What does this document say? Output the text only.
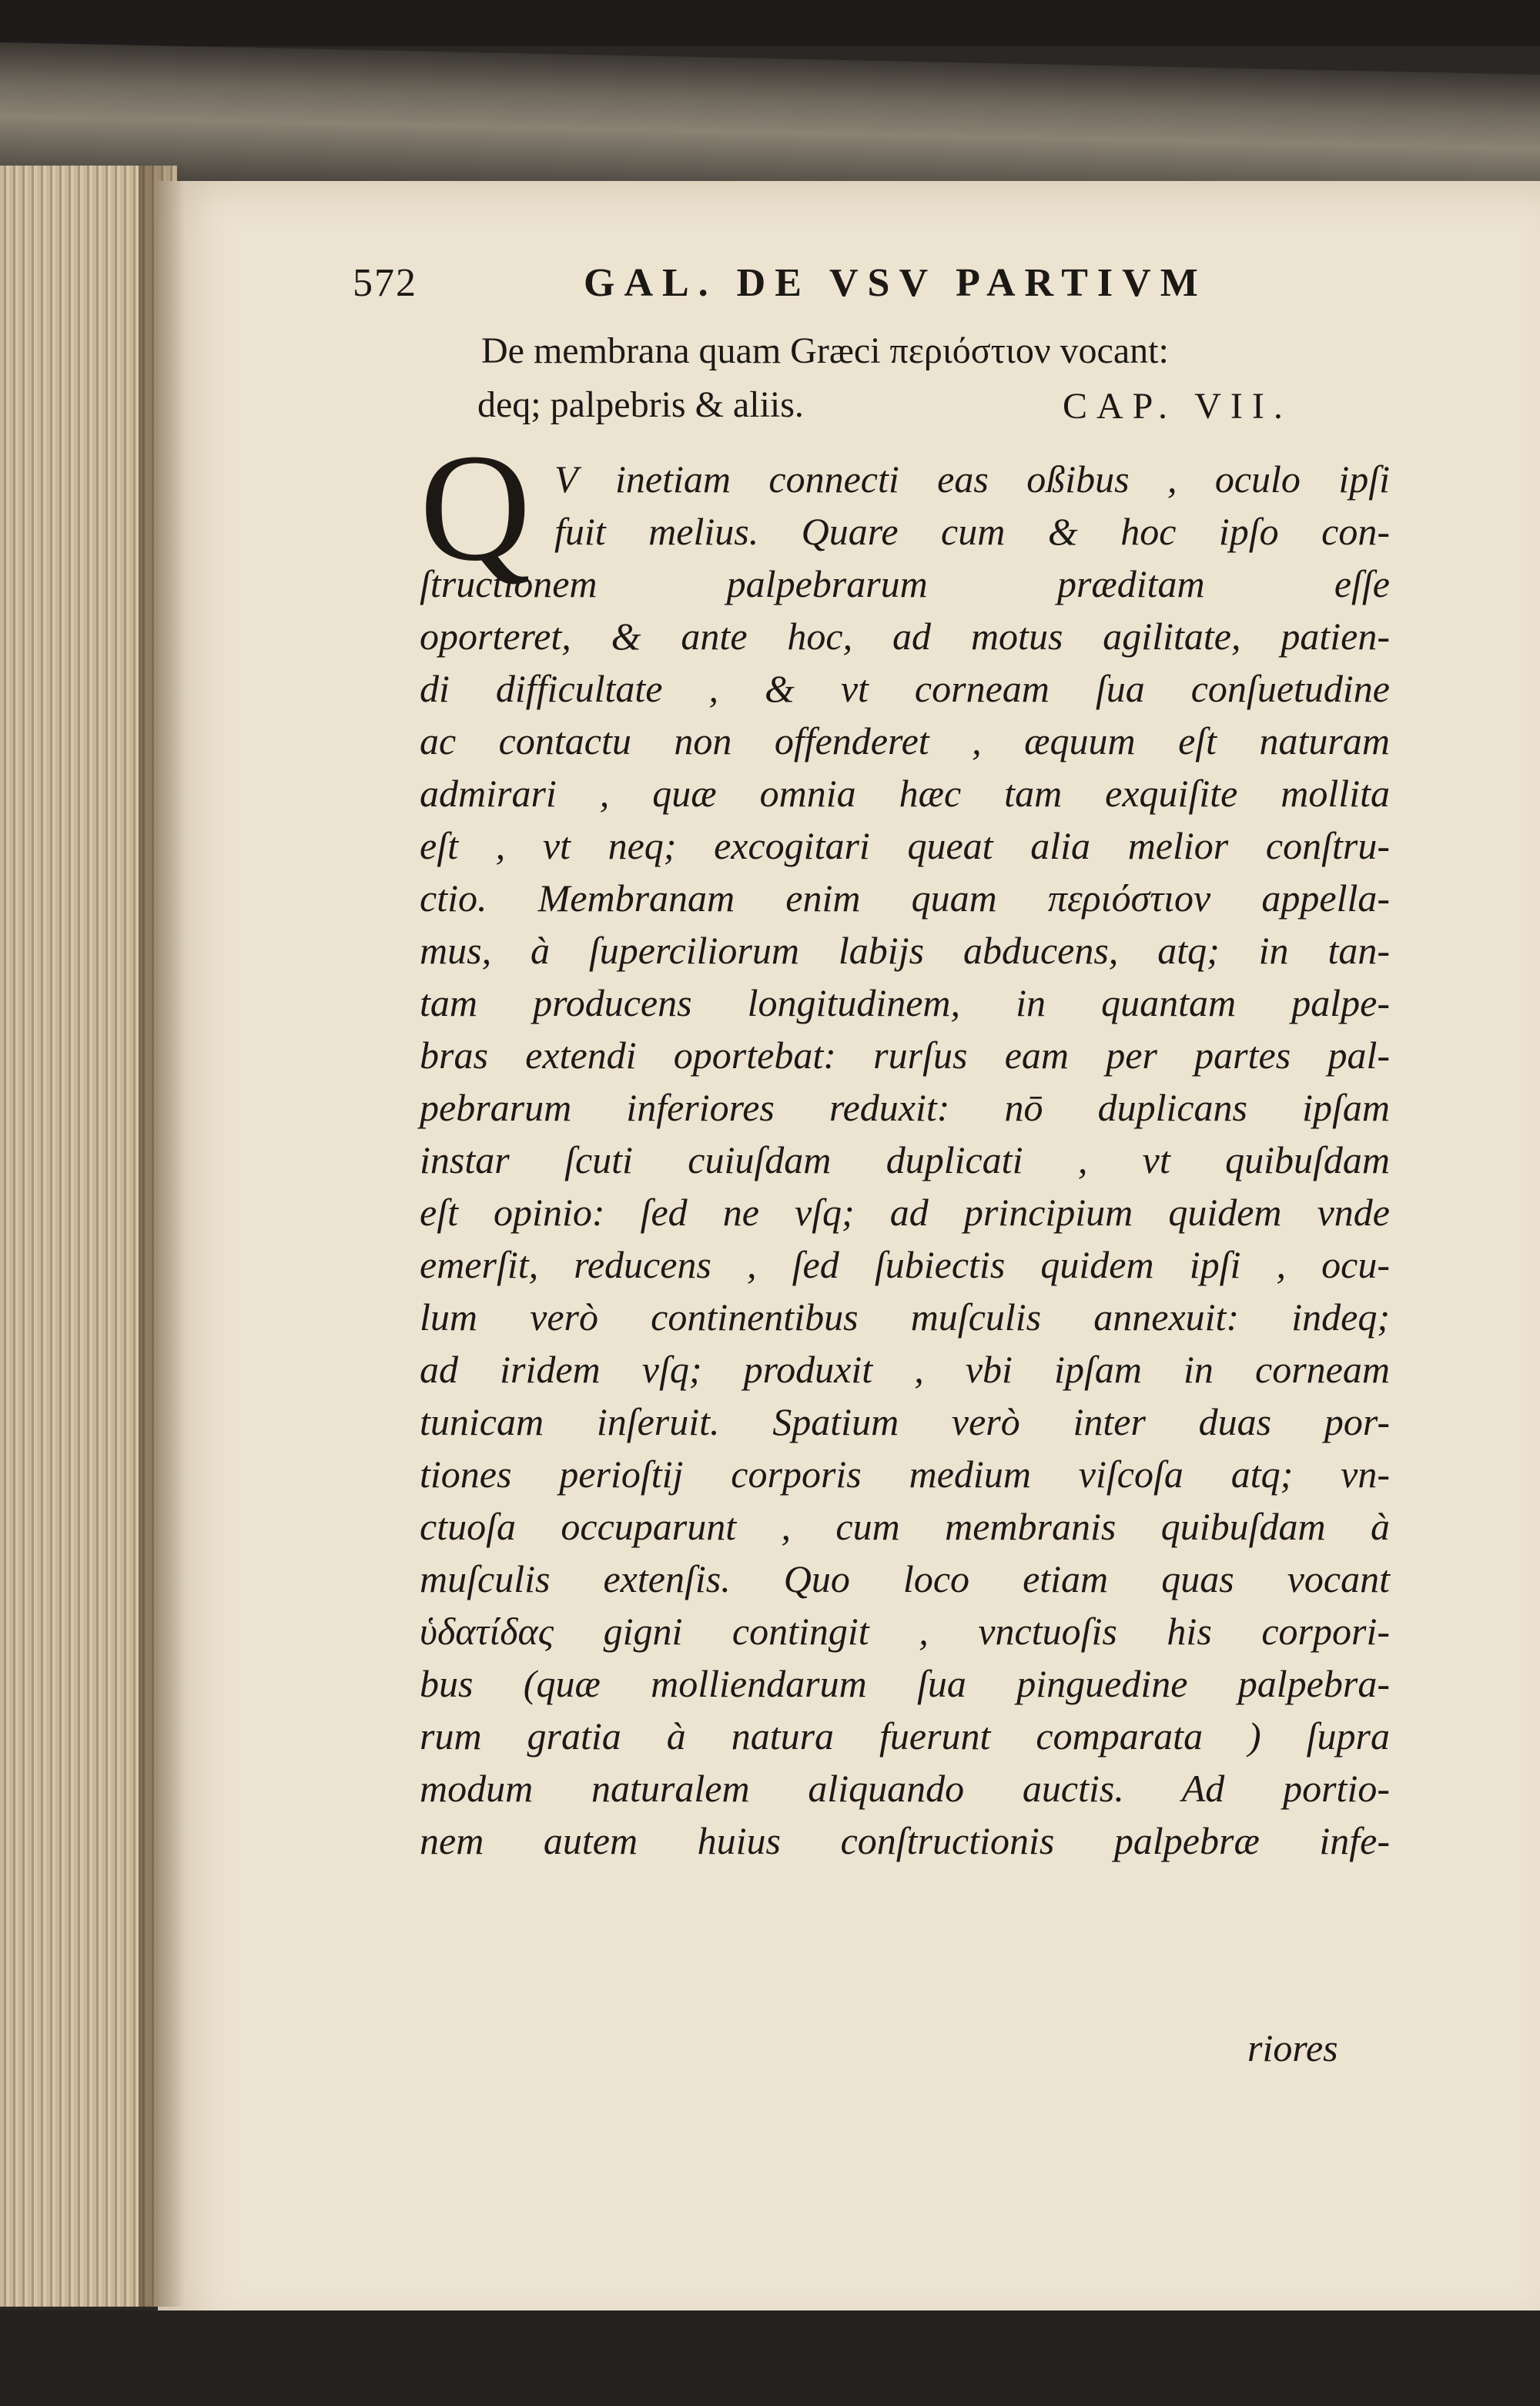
572	GAL. DE VSV PARTIVM
De membrana quam Græci περιόστιον vocant:
deq; palpebris & aliis.	CAP. VII.
Q V inetiam connecti eas oßibus , oculo ipſi
fuit melius. Quare cum & hoc ipſo con-
ſtructionem palpebrarum præditam eſſe
oporteret, & ante hoc, ad motus agilitate, patien-
di difficultate , & vt corneam ſua conſuetudine
ac contactu non offenderet , æquum eſt naturam
admirari , quæ omnia hæc tam exquiſite mollita
eſt , vt neq; excogitari queat alia melior conſtru-
ctio. Membranam enim quam περιόστιον appella-
mus, à ſuperciliorum labijs abducens, atq; in tan-
tam producens longitudinem, in quantam palpe-
bras extendi oportebat: rurſus eam per partes pal-
pebrarum inferiores reduxit: nō duplicans ipſam
instar ſcuti cuiuſdam duplicati , vt quibuſdam
eſt opinio: ſed ne vſq; ad principium quidem vnde
emerſit, reducens , ſed ſubiectis quidem ipſi , ocu-
lum verò continentibus muſculis annexuit: indeq;
ad iridem vſq; produxit , vbi ipſam in corneam
tunicam inſeruit. Spatium verò inter duas por-
tiones perioſtij corporis medium viſcoſa atq; vn-
ctuoſa occuparunt , cum membranis quibuſdam à
muſculis extenſis. Quo loco etiam quas vocant
ὑδατίδας gigni contingit , vnctuoſis his corpori-
bus (quæ molliendarum ſua pinguedine palpebra-
rum gratia à natura fuerunt comparata ) ſupra
modum naturalem aliquando auctis. Ad portio-
nem autem huius conſtructionis palpebræ infe-
riores
